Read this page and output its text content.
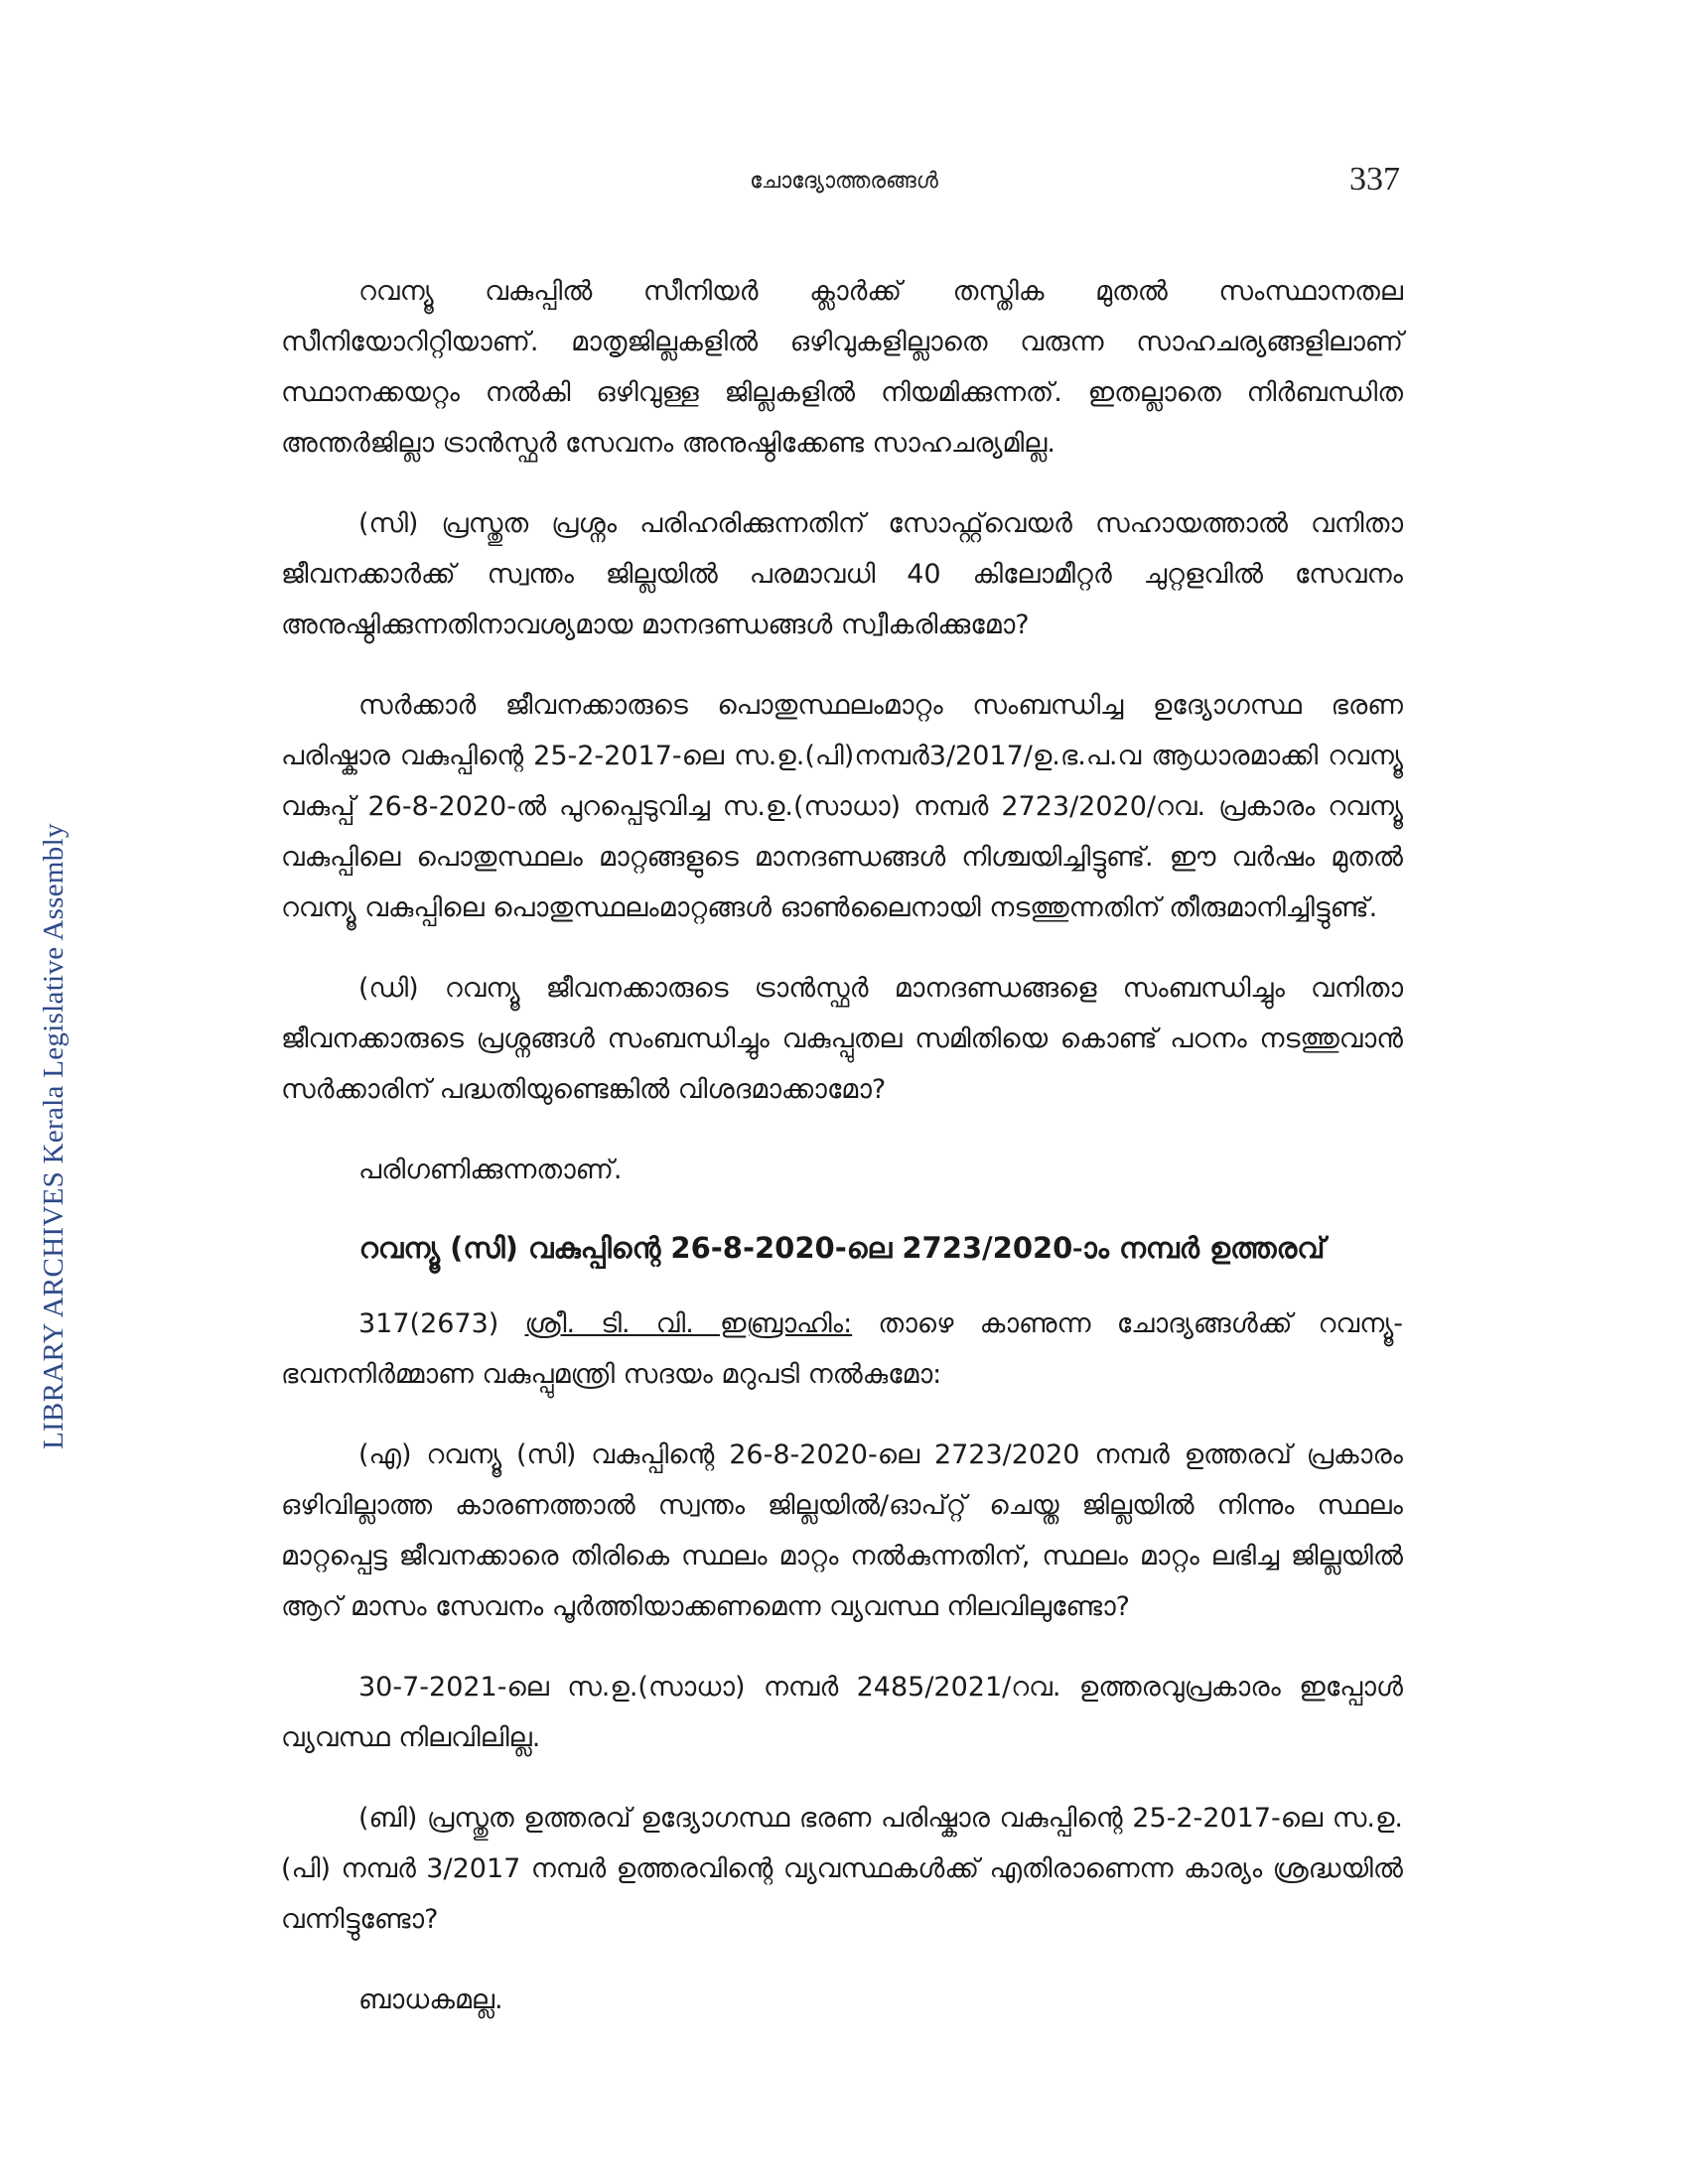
ചോദ്യോത്തരങ്ങൾ	337
LIBRARY ARCHIVES Kerala Legislative Assembly

റവന്യൂ വകുപ്പിൽ സീനിയർ ക്ലാർക്ക് തസ്തിക മുതൽ സംസ്ഥാനതല സീനിയോറിറ്റിയാണ്. മാതൃജില്ലകളിൽ ഒഴിവുകളില്ലാതെ വരുന്ന സാഹചര്യങ്ങളിലാണ് സ്ഥാനക്കയറ്റം നൽകി ഒഴിവുള്ള ജില്ലകളിൽ നിയമിക്കുന്നത്. ഇതല്ലാതെ നിർബന്ധിത അന്തർജില്ലാ ട്രാൻസ്ഫർ സേവനം അനുഷ്ഠിക്കേണ്ട സാഹചര്യമില്ല.

(സി) പ്രസ്തുത പ്രശ്നം പരിഹരിക്കുന്നതിന് സോഫ്റ്റ്‌വെയർ സഹായത്താൽ വനിതാ ജീവനക്കാർക്ക് സ്വന്തം ജില്ലയിൽ പരമാവധി 40 കിലോമീറ്റർ ചുറ്റളവിൽ സേവനം അനുഷ്ഠിക്കുന്നതിനാവശ്യമായ മാനദണ്ഡങ്ങൾ സ്വീകരിക്കുമോ?

സർക്കാർ ജീവനക്കാരുടെ പൊതുസ്ഥലംമാറ്റം സംബന്ധിച്ച ഉദ്യോഗസ്ഥ ഭരണ പരിഷ്കാര വകുപ്പിന്റെ 25-2-2017-ലെ സ.ഉ.(പി)നമ്പർ3/2017/ഉ.ഭ.പ.വ ആധാരമാക്കി റവന്യൂ വകുപ്പ് 26-8-2020-ൽ പുറപ്പെടുവിച്ച സ.ഉ.(സാധാ) നമ്പർ 2723/2020/റവ. പ്രകാരം റവന്യൂ വകുപ്പിലെ പൊതുസ്ഥലം മാറ്റങ്ങളുടെ മാനദണ്ഡങ്ങൾ നിശ്ചയിച്ചിട്ടുണ്ട്. ഈ വർഷം മുതൽ റവന്യൂ വകുപ്പിലെ പൊതുസ്ഥലംമാറ്റങ്ങൾ ഓൺലൈനായി നടത്തുന്നതിന് തീരുമാനിച്ചിട്ടുണ്ട്.

(ഡി) റവന്യൂ ജീവനക്കാരുടെ ട്രാൻസ്ഫർ മാനദണ്ഡങ്ങളെ സംബന്ധിച്ചും വനിതാ ജീവനക്കാരുടെ പ്രശ്നങ്ങൾ സംബന്ധിച്ചും വകുപ്പുതല സമിതിയെ കൊണ്ട് പഠനം നടത്തുവാൻ സർക്കാരിന് പദ്ധതിയുണ്ടെങ്കിൽ വിശദമാക്കാമോ?

പരിഗണിക്കുന്നതാണ്.

റവന്യൂ (സി) വകുപ്പിന്റെ 26-8-2020-ലെ 2723/2020-ാം നമ്പർ ഉത്തരവ്

317(2673) ശ്രീ. ടി. വി. ഇബ്രാഹിം: താഴെ കാണുന്ന ചോദ്യങ്ങൾക്ക് റവന്യൂ-ഭവനനിർമ്മാണ വകുപ്പുമന്ത്രി സദയം മറുപടി നൽകുമോ:

(എ) റവന്യൂ (സി) വകുപ്പിന്റെ 26-8-2020-ലെ 2723/2020 നമ്പർ ഉത്തരവ് പ്രകാരം ഒഴിവില്ലാത്ത കാരണത്താൽ സ്വന്തം ജില്ലയിൽ/ഓപ്റ്റ് ചെയ്ത ജില്ലയിൽ നിന്നും സ്ഥലം മാറ്റപ്പെട്ട ജീവനക്കാരെ തിരികെ സ്ഥലം മാറ്റം നൽകുന്നതിന്, സ്ഥലം മാറ്റം ലഭിച്ച ജില്ലയിൽ ആറ് മാസം സേവനം പൂർത്തിയാക്കണമെന്ന വ്യവസ്ഥ നിലവിലുണ്ടോ?

30-7-2021-ലെ സ.ഉ.(സാധാ) നമ്പർ 2485/2021/റവ. ഉത്തരവുപ്രകാരം ഇപ്പോൾ വ്യവസ്ഥ നിലവിലില്ല.

(ബി) പ്രസ്തുത ഉത്തരവ് ഉദ്യോഗസ്ഥ ഭരണ പരിഷ്കാര വകുപ്പിന്റെ 25-2-2017-ലെ സ.ഉ.(പി) നമ്പർ 3/2017 നമ്പർ ഉത്തരവിന്റെ വ്യവസ്ഥകൾക്ക് എതിരാണെന്ന കാര്യം ശ്രദ്ധയിൽ വന്നിട്ടുണ്ടോ?

ബാധകമല്ല.
